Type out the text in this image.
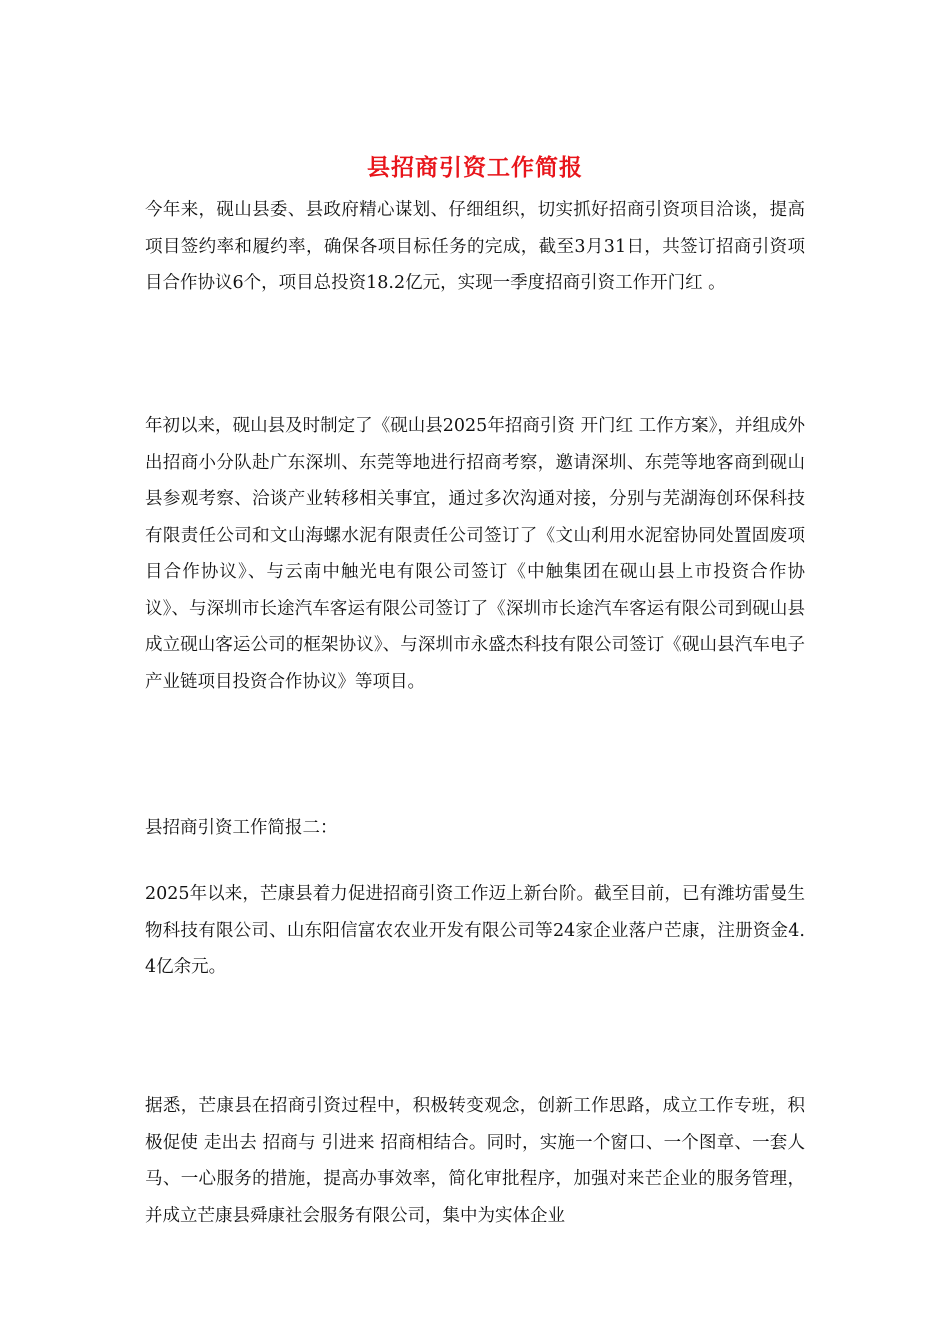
县招商引资工作简报

今年来，砚山县委、县政府精心谋划、仔细组织，切实抓好招商引资项目洽谈，提高项目签约率和履约率，确保各项目标任务的完成，截至3月31日，共签订招商引资项目合作协议6个，项目总投资18.2亿元，实现一季度招商引资工作开门红 。

年初以来，砚山县及时制定了《砚山县2025年招商引资 开门红 工作方案》，并组成外出招商小分队赴广东深圳、东莞等地进行招商考察，邀请深圳、东莞等地客商到砚山县参观考察、洽谈产业转移相关事宜，通过多次沟通对接，分别与芜湖海创环保科技有限责任公司和文山海螺水泥有限责任公司签订了《文山利用水泥窑协同处置固废项目合作协议》、与云南中触光电有限公司签订《中触集团在砚山县上市投资合作协议》、与深圳市长途汽车客运有限公司签订了《深圳市长途汽车客运有限公司到砚山县成立砚山客运公司的框架协议》、与深圳市永盛杰科技有限公司签订《砚山县汽车电子产业链项目投资合作协议》等项目。

县招商引资工作简报二：

2025年以来，芒康县着力促进招商引资工作迈上新台阶。截至目前，已有潍坊雷曼生物科技有限公司、山东阳信富农农业开发有限公司等24家企业落户芒康，注册资金4.4亿余元。

据悉，芒康县在招商引资过程中，积极转变观念，创新工作思路，成立工作专班，积极促使 走出去 招商与 引进来 招商相结合。同时，实施一个窗口、一个图章、一套人马、一心服务的措施，提高办事效率，简化审批程序，加强对来芒企业的服务管理，并成立芒康县舜康社会服务有限公司，集中为实体企业
